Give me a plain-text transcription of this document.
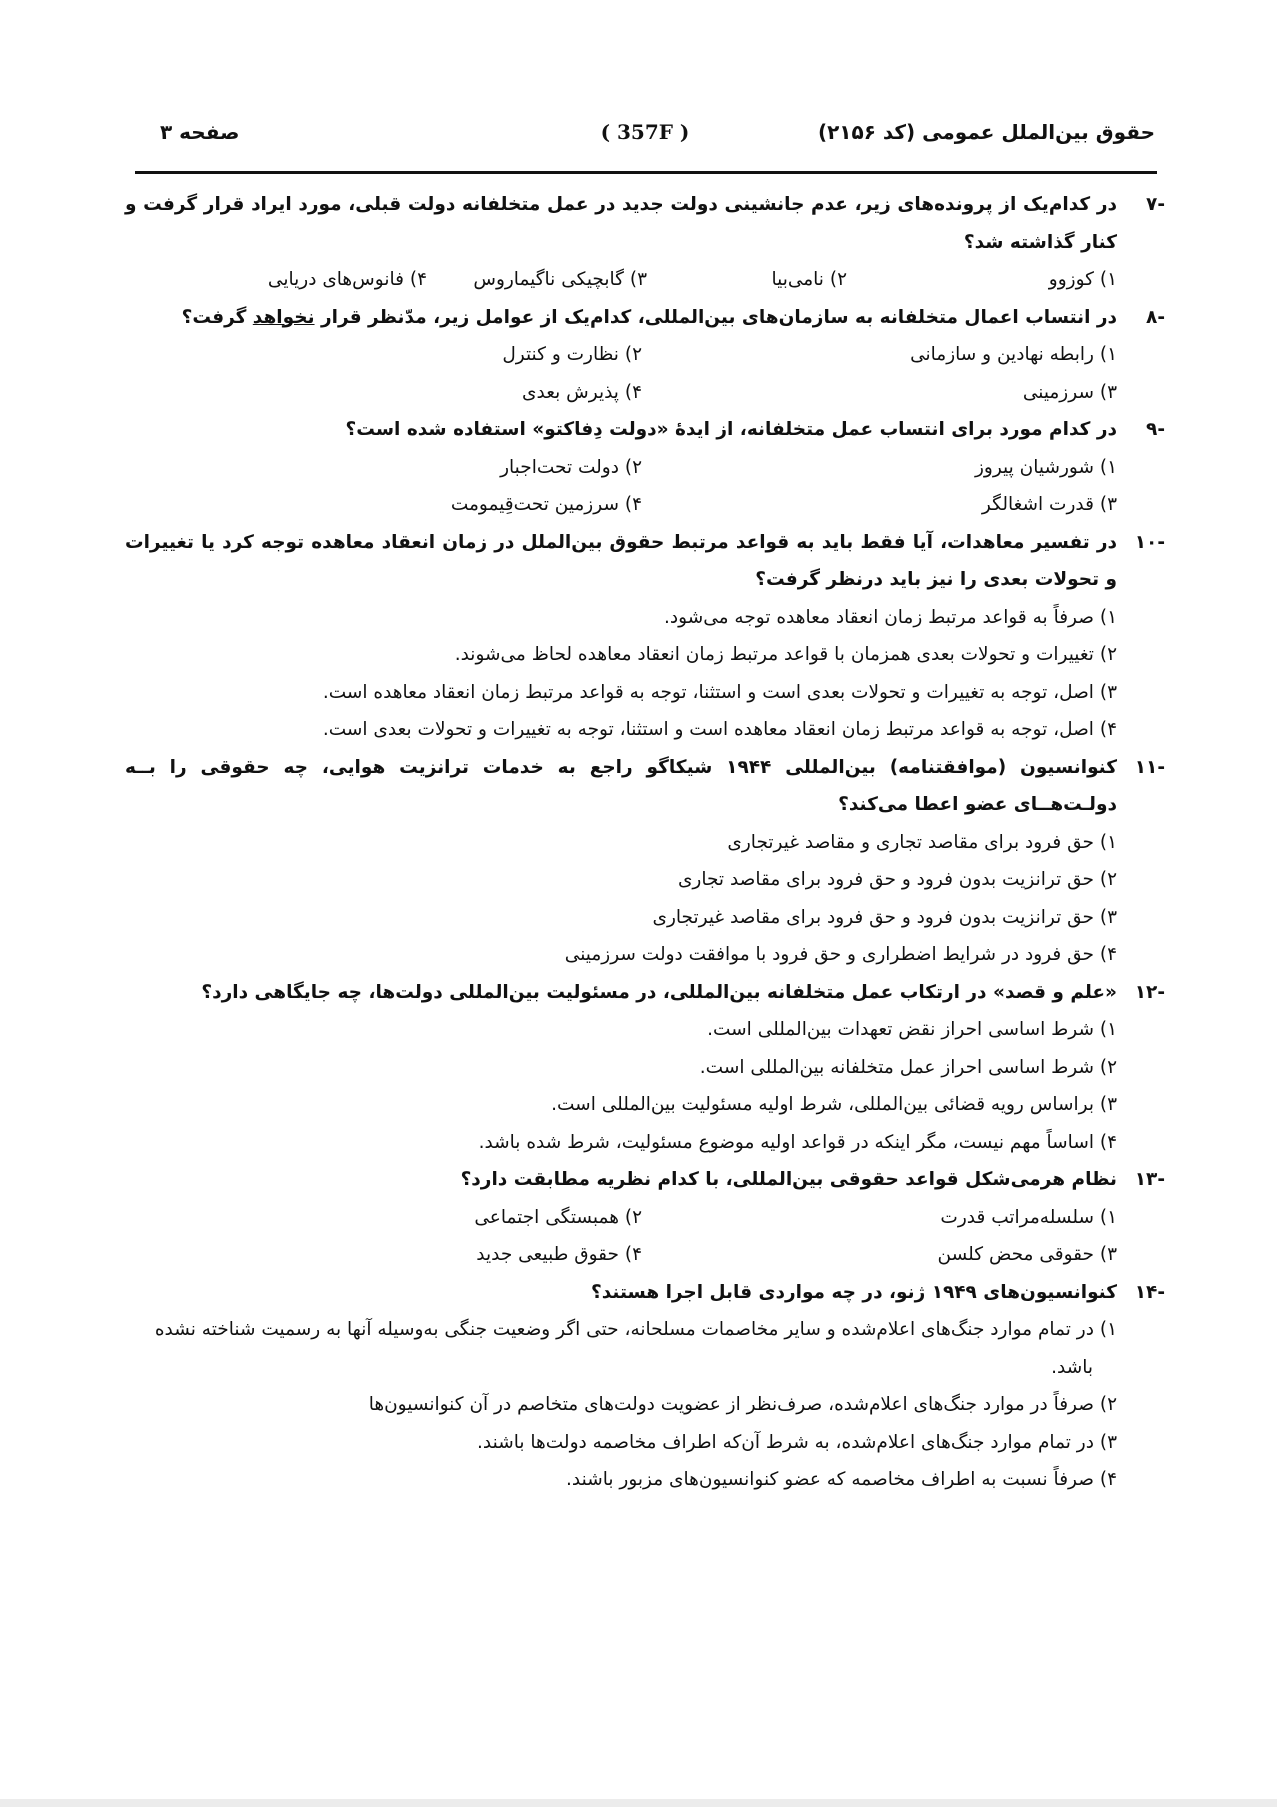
حقوق بین‌الملل عمومی (کد ۲۱۵۶)
( 357F )
صفحه ۳
-۷
در کدام‌یک از پرونده‌های زیر، عدم جانشینی دولت جدید در عمل متخلفانه دولت قبلی، مورد ایراد قرار گرفت و کنار گذاشته شد؟
۱) کوزوو
۲) نامی‌بیا
۳) گابچیکی ناگیماروس
۴) فانوس‌های دریایی
-۸
در انتساب اعمال متخلفانه به سازمان‌های بین‌المللی، کدام‌یک از عوامل زیر، مدّنظر قرار نخواهد گرفت؟
۱) رابطه نهادین و سازمانی
۲) نظارت و کنترل
۳) سرزمینی
۴) پذیرش بعدی
-۹
در کدام مورد برای انتساب عمل متخلفانه، از ایدهٔ «دولت دِفاکتو» استفاده شده است؟
۱) شورشیان پیروز
۲) دولت تحت‌اجبار
۳) قدرت اشغالگر
۴) سرزمین تحت‌قِیمومت
-۱۰
در تفسیر معاهدات، آیا فقط باید به قواعد مرتبط حقوق بین‌الملل در زمان انعقاد معاهده توجه کرد یا تغییرات و تحولات بعدی را نیز باید درنظر گرفت؟
۱) صرفاً به قواعد مرتبط زمان انعقاد معاهده توجه می‌شود.
۲) تغییرات و تحولات بعدی همزمان با قواعد مرتبط زمان انعقاد معاهده لحاظ می‌شوند.
۳) اصل، توجه به تغییرات و تحولات بعدی است و استثنا، توجه به قواعد مرتبط زمان انعقاد معاهده است.
۴) اصل، توجه به قواعد مرتبط زمان انعقاد معاهده است و استثنا، توجه به تغییرات و تحولات بعدی است.
-۱۱
کنوانسیون (موافقتنامه) بین‌المللی ۱۹۴۴ شیکاگو راجع به خدمات ترانزیت هوایی، چه حقوقی را بــه دولـت‌هــای عضو اعطا می‌کند؟
۱) حق فرود برای مقاصد تجاری و مقاصد غیرتجاری
۲) حق ترانزیت بدون فرود و حق فرود برای مقاصد تجاری
۳) حق ترانزیت بدون فرود و حق فرود برای مقاصد غیرتجاری
۴) حق فرود در شرایط اضطراری و حق فرود با موافقت دولت سرزمینی
-۱۲
«علم و قصد» در ارتکاب عمل متخلفانه بین‌المللی، در مسئولیت بین‌المللی دولت‌ها، چه جایگاهی دارد؟
۱) شرط اساسی احراز نقض تعهدات بین‌المللی است.
۲) شرط اساسی احراز عمل متخلفانه بین‌المللی است.
۳) براساس رویه قضائی بین‌المللی، شرط اولیه مسئولیت بین‌المللی است.
۴) اساساً مهم نیست، مگر اینکه در قواعد اولیه موضوع مسئولیت، شرط شده باشد.
-۱۳
نظام هرمی‌شکل قواعد حقوقی بین‌المللی، با کدام نظریه مطابقت دارد؟
۱) سلسله‌مراتب قدرت
۲) همبستگی اجتماعی
۳) حقوقی محض کلسن
۴) حقوق طبیعی جدید
-۱۴
کنوانسیون‌های ۱۹۴۹ ژنو، در چه مواردی قابل اجرا هستند؟
۱) در تمام موارد جنگ‌های اعلام‌شده و سایر مخاصمات مسلحانه، حتی اگر وضعیت جنگی به‌وسیله آنها به رسمیت شناخته نشده باشد.
۲) صرفاً در موارد جنگ‌های اعلام‌شده، صرف‌نظر از عضویت دولت‌های متخاصم در آن کنوانسیون‌ها
۳) در تمام موارد جنگ‌های اعلام‌شده، به شرط آن‌که اطراف مخاصمه دولت‌ها باشند.
۴) صرفاً نسبت به اطراف مخاصمه که عضو کنوانسیون‌های مزبور باشند.
